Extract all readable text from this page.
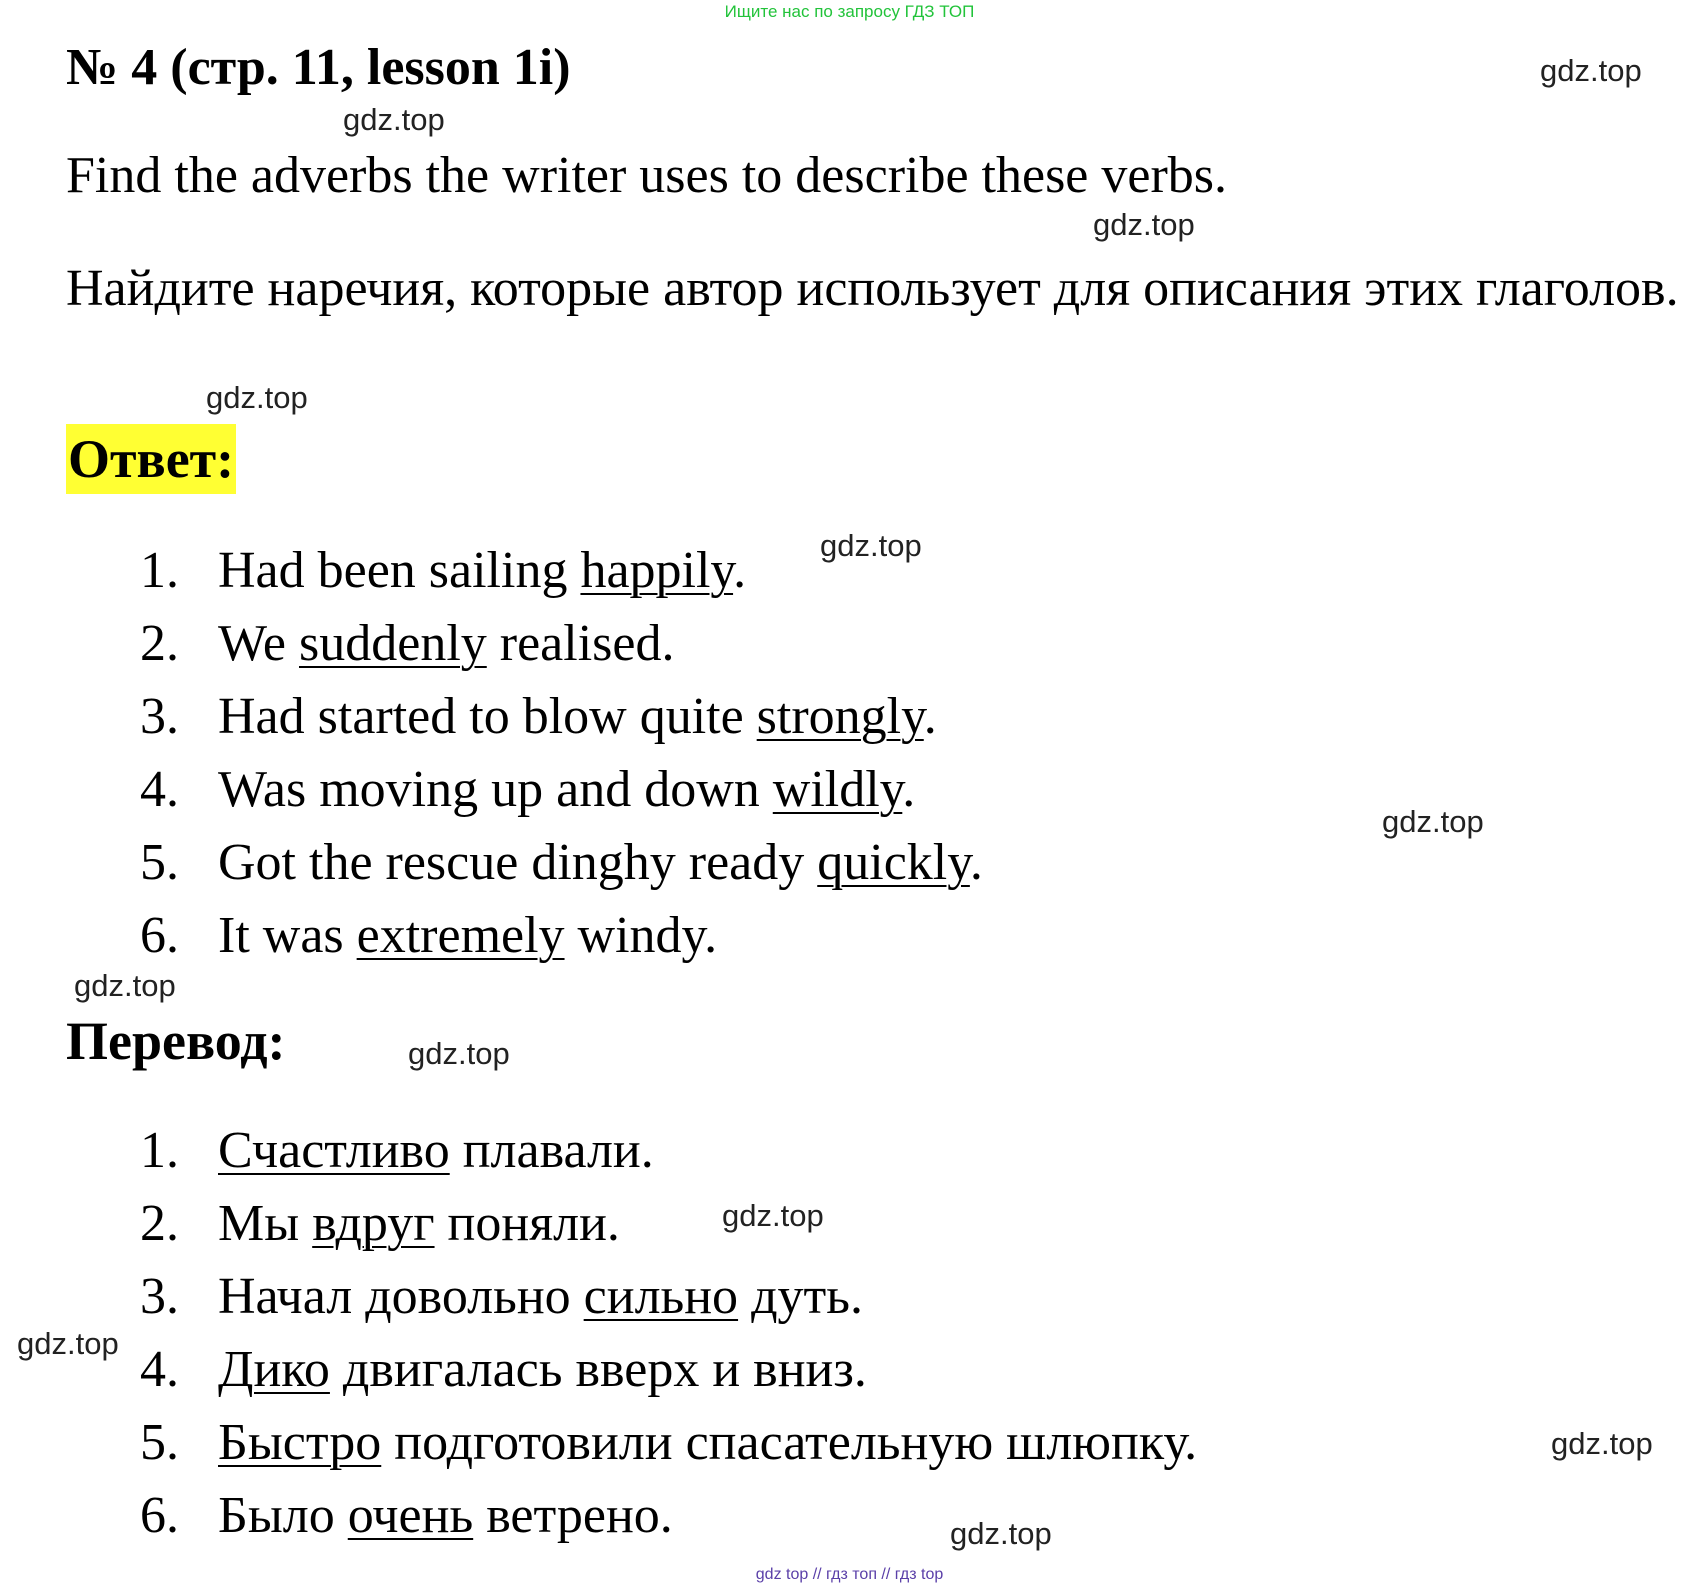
Ищите нас по запросу ГДЗ ТОП
№ 4 (стр. 11, lesson 1i)
Find the adverbs the writer uses to describe these verbs.
Найдите наречия, которые автор использует для описания этих глаголов.
Ответ:
1. Had been sailing happily.
2. We suddenly realised.
3. Had started to blow quite strongly.
4. Was moving up and down wildly.
5. Got the rescue dinghy ready quickly.
6. It was extremely windy.
Перевод:
1. Счастливо плавали.
2. Мы вдруг поняли.
3. Начал довольно сильно дуть.
4. Дико двигалась вверх и вниз.
5. Быстро подготовили спасательную шлюпку.
6. Было очень ветрено.
gdz.top
gdz.top
gdz.top
gdz.top
gdz.top
gdz.top
gdz.top
gdz.top
gdz.top
gdz.top
gdz.top
gdz.top
gdz top // гдз топ // гдз top
